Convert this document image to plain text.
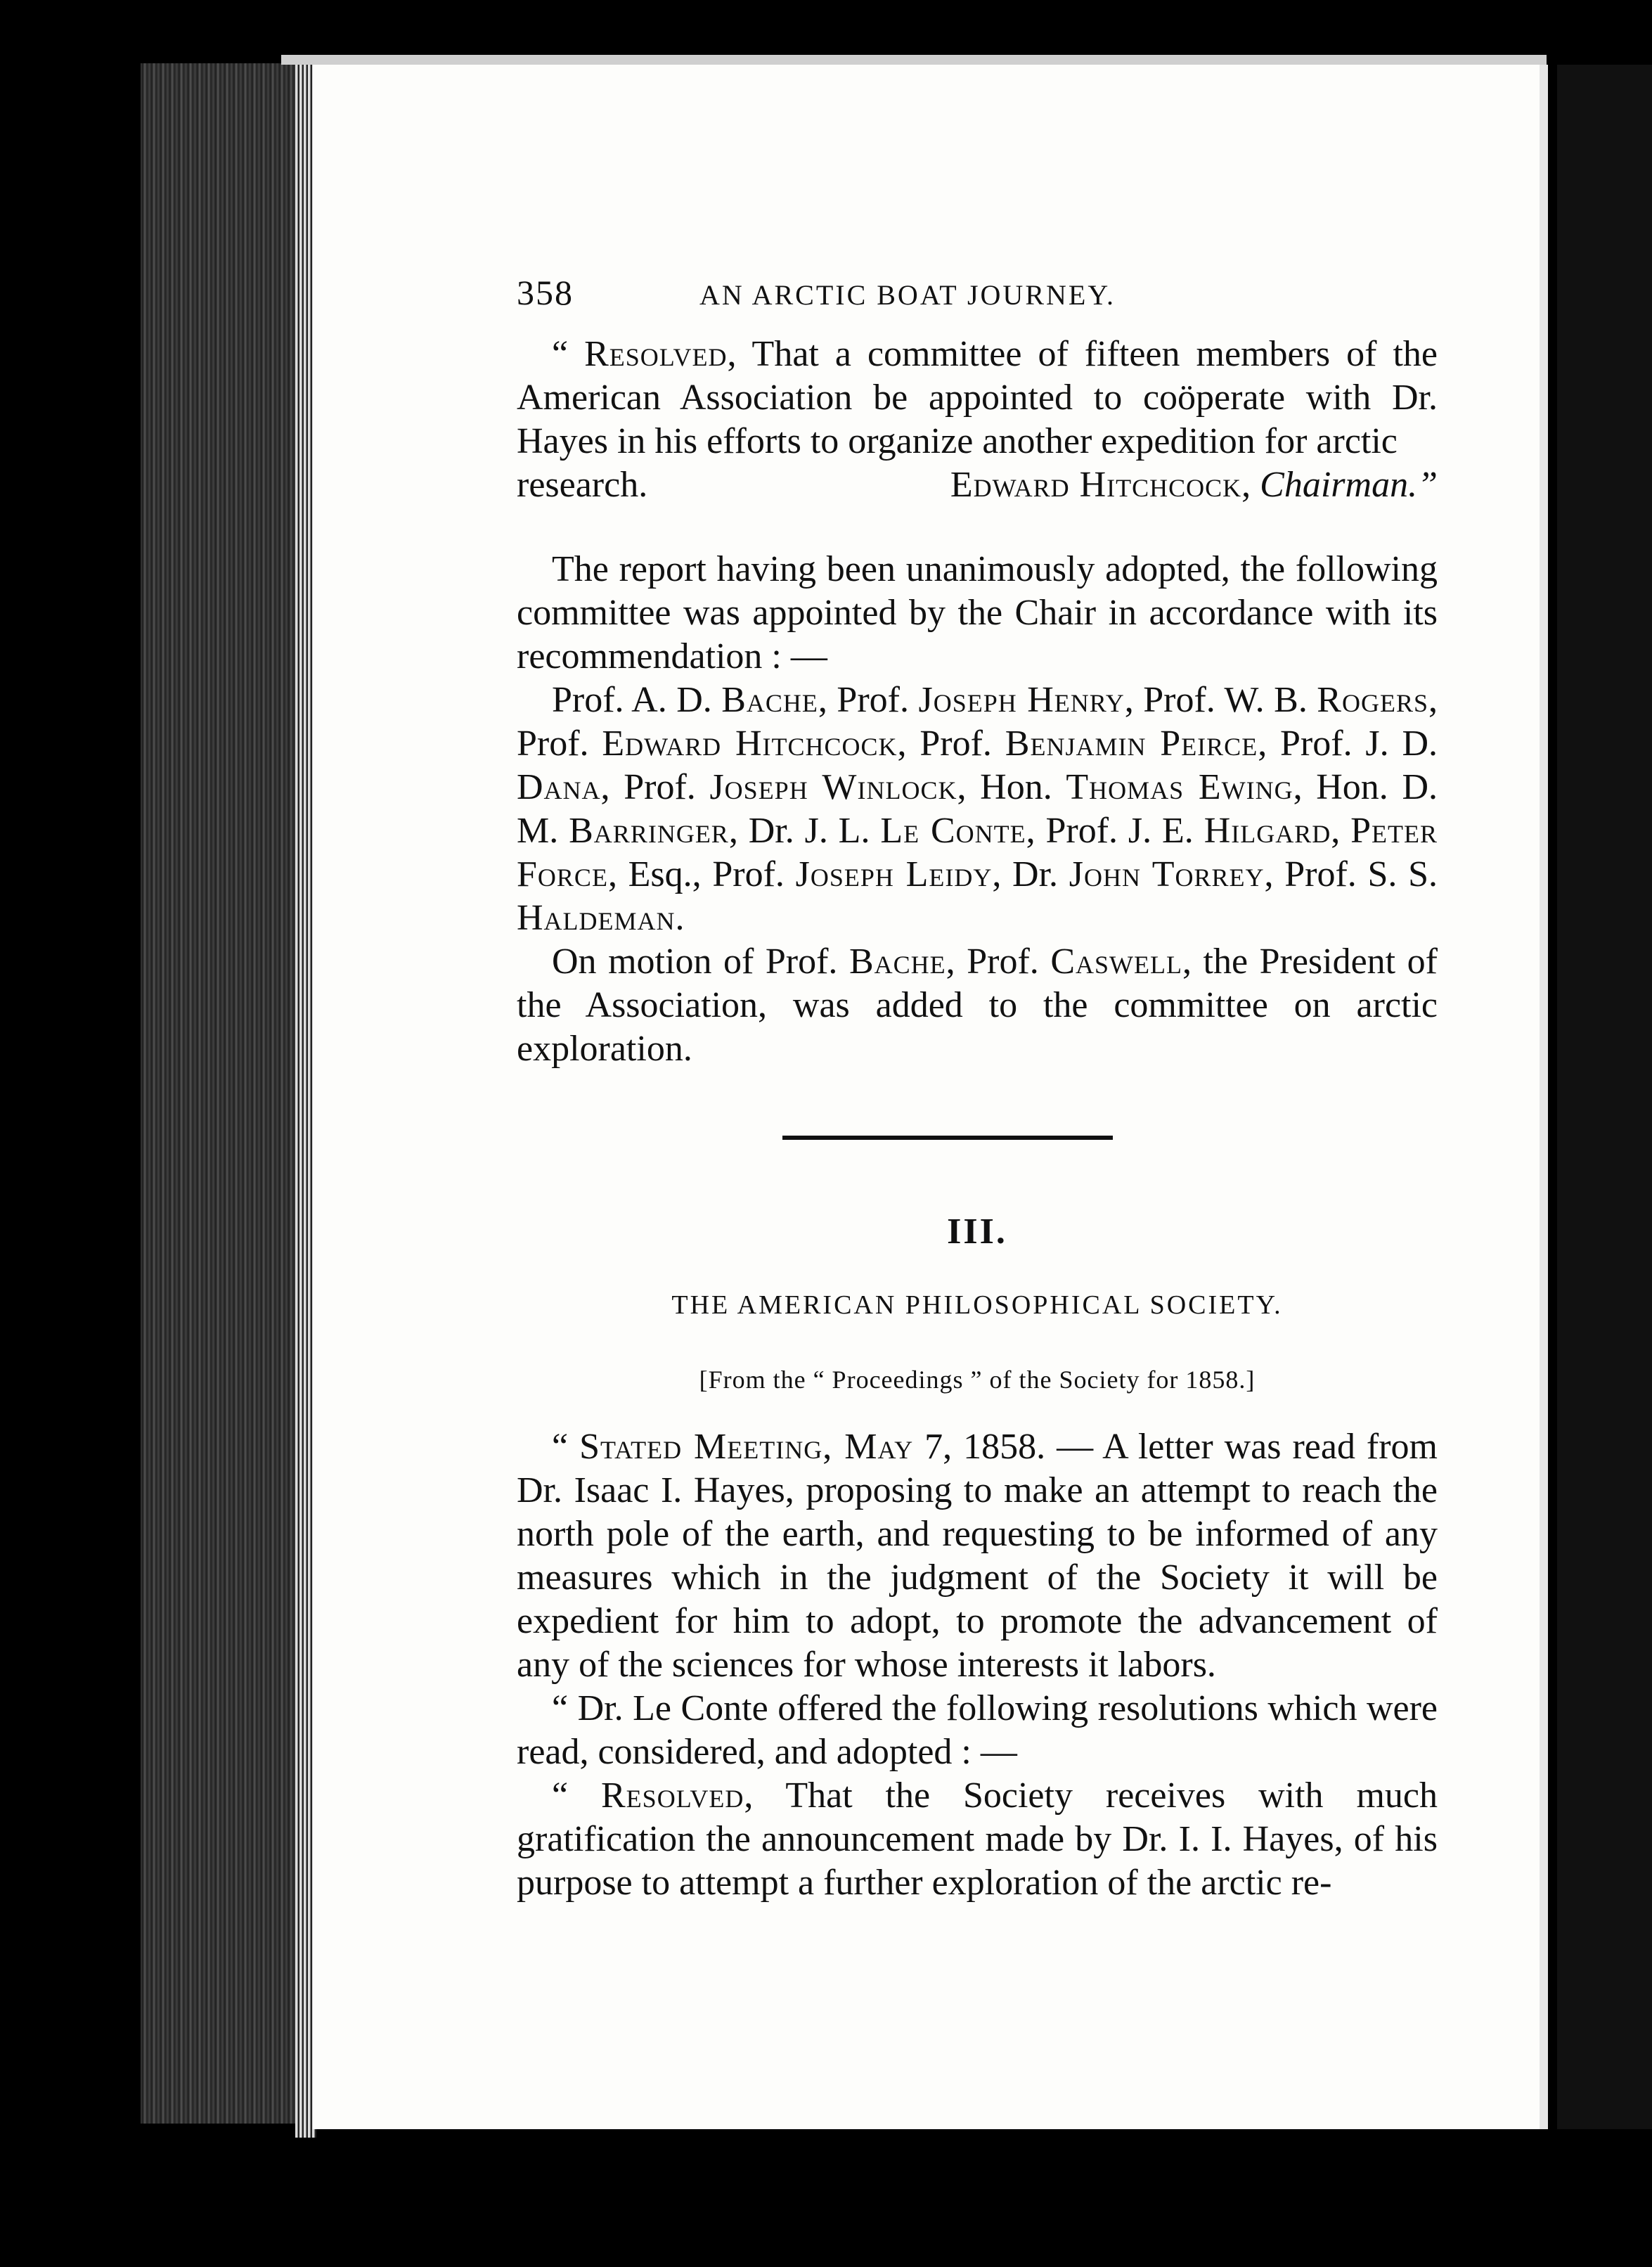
358	AN ARCTIC BOAT JOURNEY.

“ Resolved, That a committee of fifteen members of the American Association be appointed to coöperate with Dr. Hayes in his efforts to organize another expedition for arctic

research.	Edward Hitchcock, Chairman.”

The report having been unanimously adopted, the following committee was appointed by the Chair in accordance with its recommendation : —

Prof. A. D. Bache, Prof. Joseph Henry, Prof. W. B. Rogers, Prof. Edward Hitchcock, Prof. Benjamin Peirce, Prof. J. D. Dana, Prof. Joseph Winlock, Hon. Thomas Ewing, Hon. D. M. Barringer, Dr. J. L. Le Conte, Prof. J. E. Hilgard, Peter Force, Esq., Prof. Joseph Leidy, Dr. John Torrey, Prof. S. S. Haldeman.

On motion of Prof. Bache, Prof. Caswell, the President of the Association, was added to the committee on arctic exploration.

III.
THE AMERICAN PHILOSOPHICAL SOCIETY.
[From the “ Proceedings ” of the Society for 1858.]

“ Stated Meeting, May 7, 1858. — A letter was read from Dr. Isaac I. Hayes, proposing to make an attempt to reach the north pole of the earth, and requesting to be informed of any measures which in the judgment of the Society it will be expedient for him to adopt, to promote the advancement of any of the sciences for whose interests it labors.

“ Dr. Le Conte offered the following resolutions which were read, considered, and adopted : —

“ Resolved, That the Society receives with much gratification the announcement made by Dr. I. I. Hayes, of his purpose to attempt a further exploration of the arctic re-
